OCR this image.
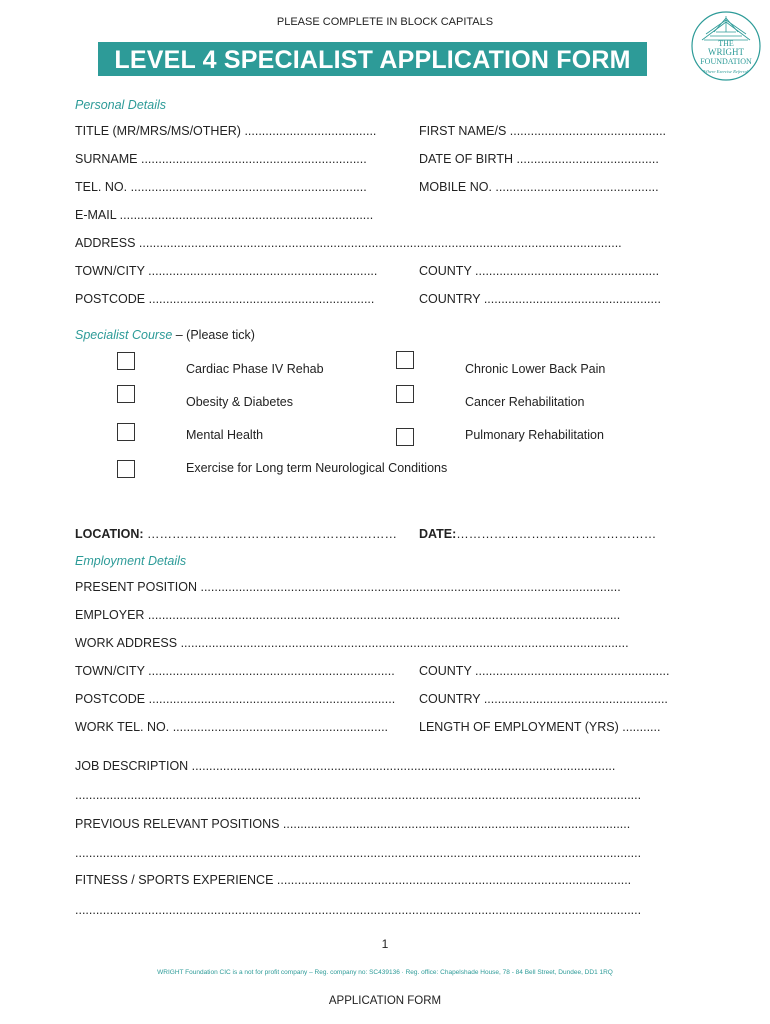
PLEASE COMPLETE IN BLOCK CAPITALS
LEVEL 4 SPECIALIST APPLICATION FORM
THE
WRIGHT
FOUNDATION
"Where Exercise Referral"
Personal Details
TITLE (MR/MRS/MS/OTHER) ......................................	FIRST NAME/S .............................................
SURNAME .................................................................	DATE OF BIRTH .........................................
TEL. NO. ....................................................................	MOBILE NO. ...............................................
E-MAIL .........................................................................
ADDRESS ...........................................................................................................................................
TOWN/CITY ..................................................................	COUNTY .....................................................
POSTCODE .................................................................	COUNTRY ...................................................
Specialist Course – (Please tick)
Cardiac Phase IV Rehab	Chronic Lower Back Pain
Obesity & Diabetes	Cancer Rehabilitation
Mental Health	Pulmonary Rehabilitation
Exercise for Long term Neurological Conditions
LOCATION: …………………………………………………… DATE:…………………………………………
Employment Details
PRESENT POSITION .........................................................................................................................
EMPLOYER ........................................................................................................................................
WORK ADDRESS .................................................................................................................................
TOWN/CITY ....................................................................... COUNTY ........................................................
POSTCODE ....................................................................... COUNTRY .....................................................
WORK TEL. NO. .............................................................. LENGTH OF EMPLOYMENT (YRS) ...........
JOB DESCRIPTION ..........................................................................................................................
...................................................................................................................................................................
PREVIOUS RELEVANT POSITIONS ....................................................................................................
...................................................................................................................................................................
FITNESS / SPORTS EXPERIENCE ......................................................................................................
...................................................................................................................................................................
1
WRIGHT Foundation CIC is a not for profit company – Reg. company no: SC439136 · Reg. office: Chapelshade House, 78 - 84 Bell Street, Dundee, DD1 1RQ
APPLICATION FORM
